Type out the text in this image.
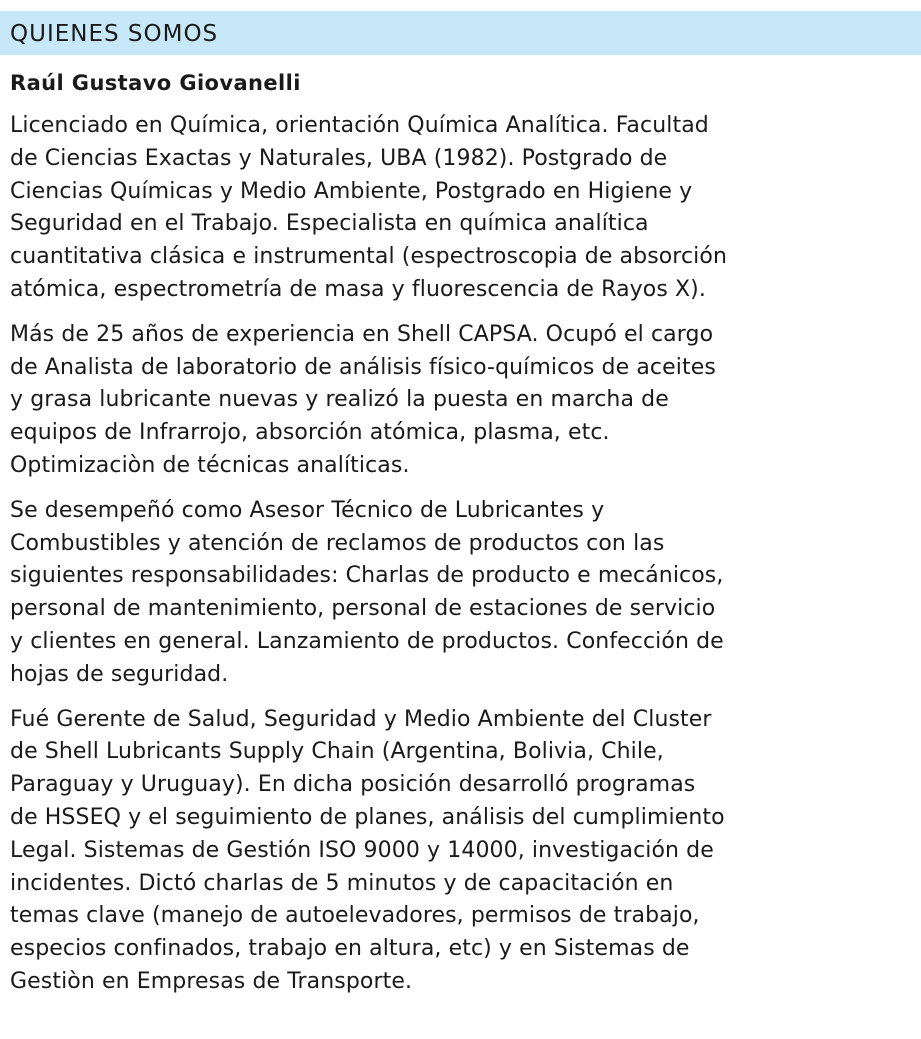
QUIENES SOMOS
Raúl Gustavo Giovanelli

Licenciado en Química, orientación Química Analítica. Facultad
de Ciencias Exactas y Naturales, UBA (1982). Postgrado de
Ciencias Químicas y Medio Ambiente, Postgrado en Higiene y
Seguridad en el Trabajo. Especialista en química analítica
cuantitativa clásica e instrumental (espectroscopia de absorción
atómica, espectrometría de masa y fluorescencia de Rayos X).

Más de 25 años de experiencia en Shell CAPSA. Ocupó el cargo
de Analista de laboratorio de análisis físico-químicos de aceites
y grasa lubricante nuevas y realizó la puesta en marcha de
equipos de Infrarrojo, absorción atómica, plasma, etc.
Optimizaciòn de técnicas analíticas.

Se desempeñó como Asesor Técnico de Lubricantes y
Combustibles y atención de reclamos de productos con las
siguientes responsabilidades: Charlas de producto e mecánicos,
personal de mantenimiento, personal de estaciones de servicio
y clientes en general. Lanzamiento de productos. Confección de
hojas de seguridad.

Fué Gerente de Salud, Seguridad y Medio Ambiente del Cluster
de Shell Lubricants Supply Chain (Argentina, Bolivia, Chile,
Paraguay y Uruguay). En dicha posición desarrolló programas
de HSSEQ y el seguimiento de planes, análisis del cumplimiento
Legal. Sistemas de Gestión ISO 9000 y 14000, investigación de
incidentes. Dictó charlas de 5 minutos y de capacitación en
temas clave (manejo de autoelevadores, permisos de trabajo,
especios confinados, trabajo en altura, etc) y en Sistemas de
Gestiòn en Empresas de Transporte.
